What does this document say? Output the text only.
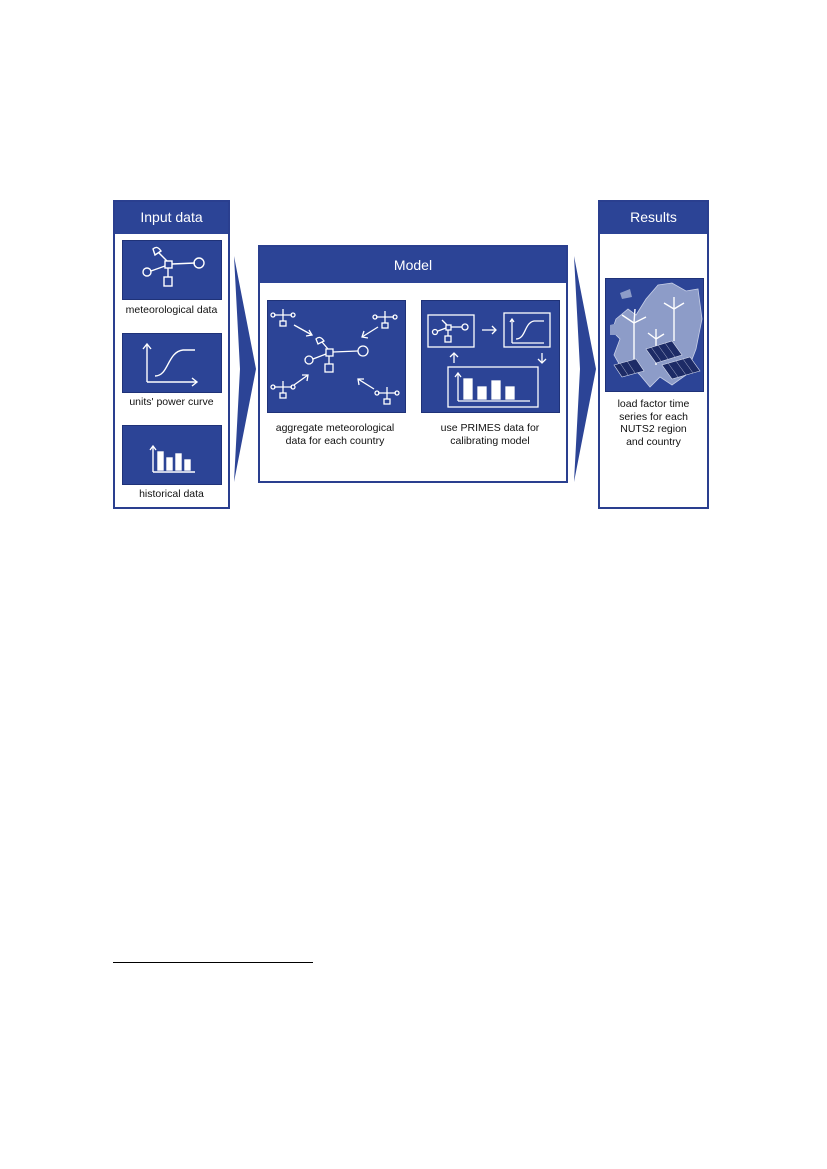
Input data
meteorological data
units' power curve
historical data
Model
aggregate meteorological
data for each country
use PRIMES data for
calibrating model
Results
load factor time
series for each
NUTS2 region
and country
